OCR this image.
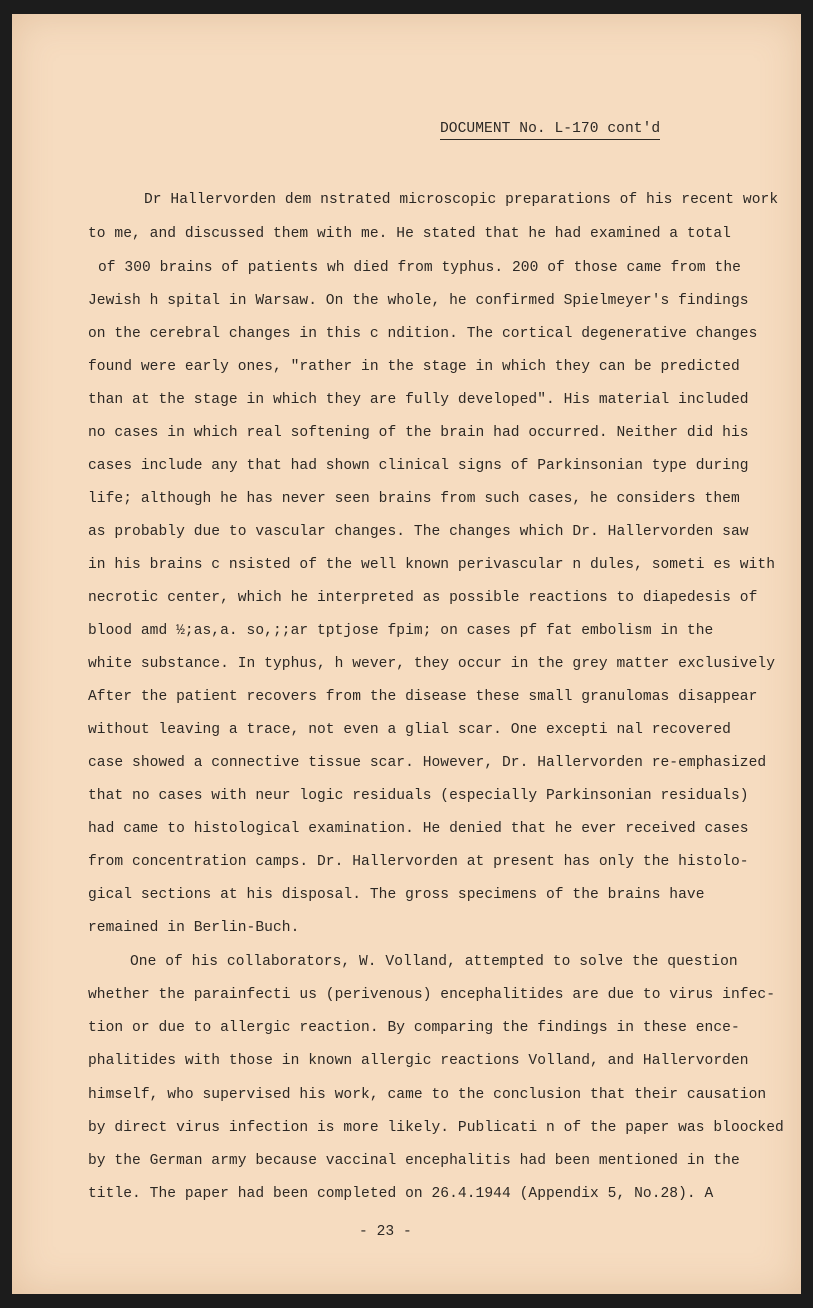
DOCUMENT No. L-170 cont'd
Dr Hallervorden dem nstrated microscopic preparations of his recent work
to me, and discussed them with me. He stated that he had examined a total
of 300 brains of patients wh died from typhus. 200 of those came from the
Jewish h spital in Warsaw. On the whole, he confirmed Spielmeyer's findings
on the cerebral changes in this c ndition. The cortical degenerative changes
found were early ones, "rather in the stage in which they can be predicted
than at the stage in which they are fully developed". His material included
no cases in which real softening of the brain had occurred. Neither did his
cases include any that had shown clinical signs of Parkinsonian type during
life; although he has never seen brains from such cases, he considers them
as probably due to vascular changes. The changes which Dr. Hallervorden saw
in his brains c nsisted of the well known perivascular n dules, someti es with
necrotic center, which he interpreted as possible reactions to diapedesis of
blood amd ½;as,a. so,;;ar tptjose fpim; on cases pf fat embolism in the
white substance. In typhus, h wever, they occur in the grey matter exclusively
After the patient recovers from the disease these small granulomas disappear
without leaving a trace, not even a glial scar. One excepti nal recovered
case showed a connective tissue scar. However, Dr. Hallervorden re-emphasized
that no cases with neur logic residuals (especially Parkinsonian residuals)
had came to histological examination. He denied that he ever received cases
from concentration camps. Dr. Hallervorden at present has only the histolo-
gical sections at his disposal. The gross specimens of the brains have
remained in Berlin-Buch.
One of his collaborators, W. Volland, attempted to solve the question
whether the parainfecti us (perivenous) encephalitides are due to virus infec-
tion or due to allergic reaction. By comparing the findings in these ence-
phalitides with those in known allergic reactions Volland, and Hallervorden
himself, who supervised his work, came to the conclusion that their causation
by direct virus infection is more likely. Publicati n of the paper was bloocked
by the German army because vaccinal encephalitis had been mentioned in the
title. The paper had been completed on 26.4.1944 (Appendix 5, No.28). A
- 23 -
